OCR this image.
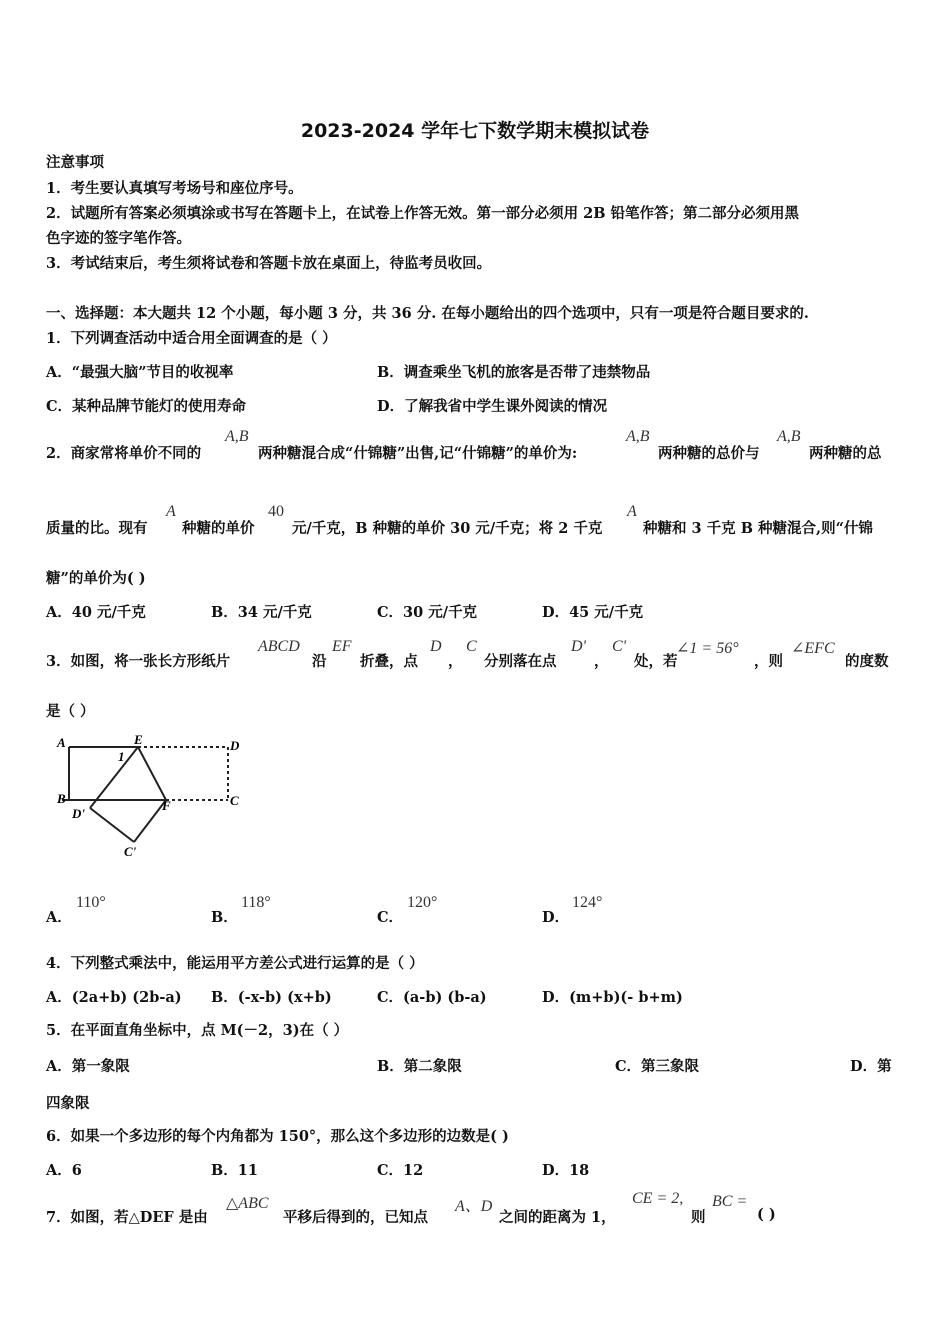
2023-2024 学年七下数学期末模拟试卷
注意事项
1．考生要认真填写考场号和座位序号。
2．试题所有答案必须填涂或书写在答题卡上，在试卷上作答无效。第一部分必须用 2B 铅笔作答；第二部分必须用黑
色字迹的签字笔作答。
3．考试结束后，考生须将试卷和答题卡放在桌面上，待监考员收回。
一、选择题：本大题共 12 个小题，每小题 3 分，共 36 分. 在每小题给出的四个选项中，只有一项是符合题目要求的.
1．下列调查活动中适合用全面调查的是（ ）
A．“最强大脑”节目的收视率	B．调查乘坐飞机的旅客是否带了违禁物品
C．某种品牌节能灯的使用寿命	D．了解我省中学生课外阅读的情况
2．商家常将单价不同的
A,B
两种糖混合成“什锦糖”出售,记“什锦糖”的单价为:
A,B
两种糖的总价与
A,B
两种糖的总
质量的比。现有
A
种糖的单价
40
元/千克，B 种糖的单价 30 元/千克；将 2 千克
A
种糖和 3 千克 B 种糖混合,则“什锦
糖”的单价为( )
A．40 元/千克	B．34 元/千克	C．30 元/千克	D．45 元/千克
3．如图，将一张长方形纸片
ABCD
沿
EF
折叠，点
D
，
C
分别落在点
D'
，
C'
处，若
∠1 = 56°
，则
∠EFC
的度数
是（ ）
A
B
E	D
C
F
D'
C'
1
A．
110°
B．
118°
C．
120°
D．
124°
4．下列整式乘法中，能运用平方差公式进行运算的是（ ）
A．(2a+b) (2b-a) B．(-x-b) (x+b)	C．(a-b) (b-a)	D．(m+b)(- b+m)
5．在平面直角坐标中，点 M(－2，3)在（ ）
A．第一象限	B．第二象限	C．第三象限	D．第
四象限
6．如果一个多边形的每个内角都为 150°，那么这个多边形的边数是( )
A．6	B．11	C．12	D．18
7．如图，若△DEF 是由
△ABC
平移后得到的，已知点
A、D
之间的距离为 1，
CE = 2,
则
BC =
( )
